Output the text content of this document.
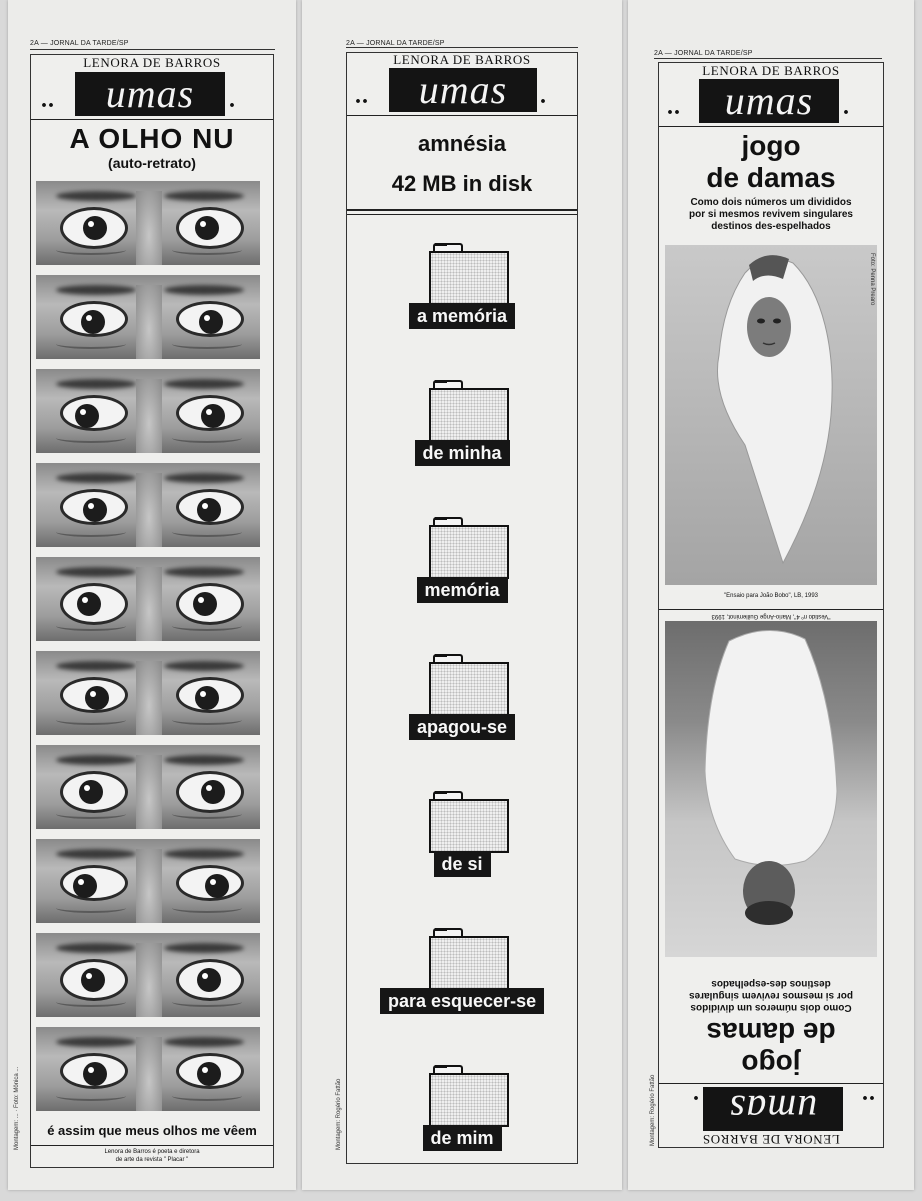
2A — JORNAL DA TARDE/SP
LENORA DE BARROS
..	umas	.
A OLHO NU
(auto-retrato)
é assim que meus olhos me vêem
Lenora de Barros é poeta e diretora
de arte da revista " Placar "
Montagem: ... · Foto: Mônica ...
2A — JORNAL DA TARDE/SP
LENORA DE BARROS
..	umas	.
amnésia
42 MB in disk
a memória
de minha
memória
apagou-se
de si
para esquecer-se
de mim
Montagem: Rogério Fattão
2A — JORNAL DA TARDE/SP
LENORA DE BARROS
..	umas	.
jogo
de damas
Como dois números um divididos
por si mesmos revivem singulares
destinos des-espelhados
Foto: Penna Prearo
"Ensaio para João Bobo", LB, 1993
"Vestido nº 4", Mario-Ange Guilleminot, 1993
LENORA DE BARROS
..
umas
.
jogo
de damas
Como dois números um divididos
por si mesmos revivem singulares
destinos des-espelhados
Montagem: Rogério Fattão
